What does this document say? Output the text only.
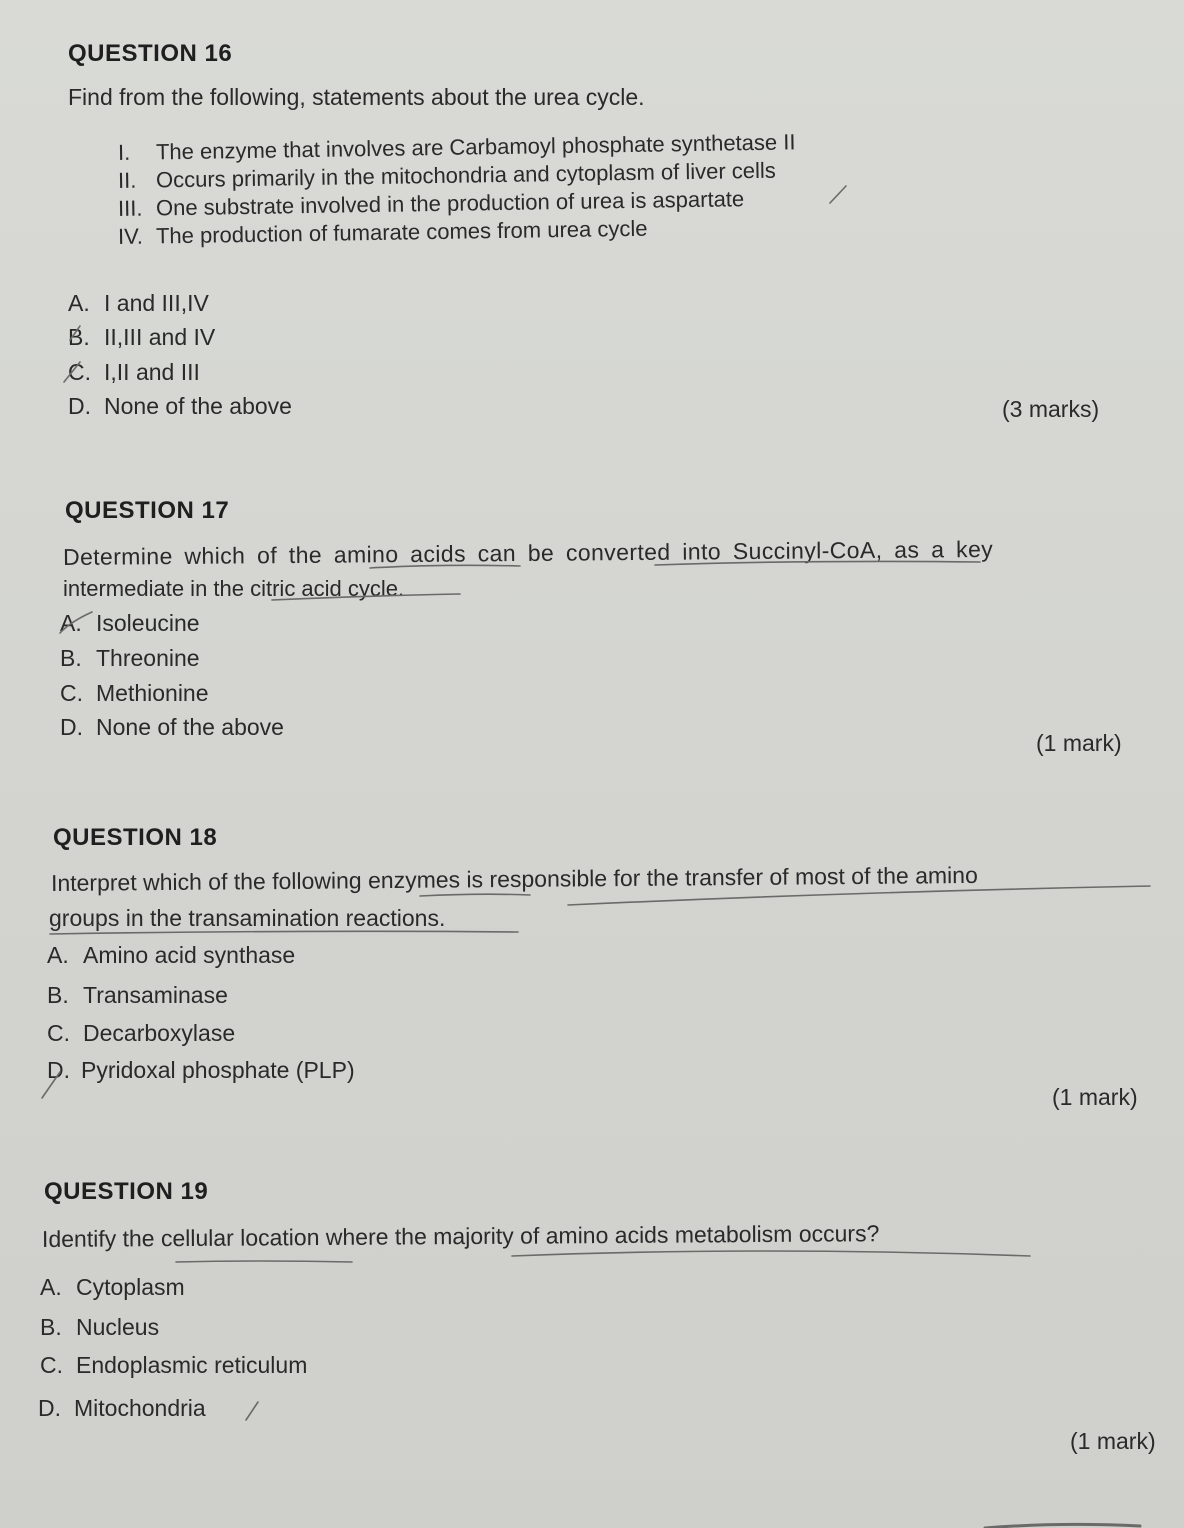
QUESTION 16
Find from the following, statements about the urea cycle.
I. The enzyme that involves are Carbamoyl phosphate synthetase II
II. Occurs primarily in the mitochondria and cytoplasm of liver cells
III. One substrate involved in the production of urea is aspartate
IV. The production of fumarate comes from urea cycle
A. I and III,IV
B. II,III and IV
C. I,II and III
D. None of the above	(3 marks)
QUESTION 17
Determine which of the amino acids can be converted into Succinyl-CoA, as a key
intermediate in the citric acid cycle.
A. Isoleucine
B. Threonine
C. Methionine
D. None of the above
(1 mark)
QUESTION 18
Interpret which of the following enzymes is responsible for the transfer of most of the amino
groups in the transamination reactions.
A. Amino acid synthase
B. Transaminase
C. Decarboxylase
D. Pyridoxal phosphate (PLP)
(1 mark)
QUESTION 19
Identify the cellular location where the majority of amino acids metabolism occurs?
A. Cytoplasm
B. Nucleus
C. Endoplasmic reticulum
D. Mitochondria
(1 mark)
